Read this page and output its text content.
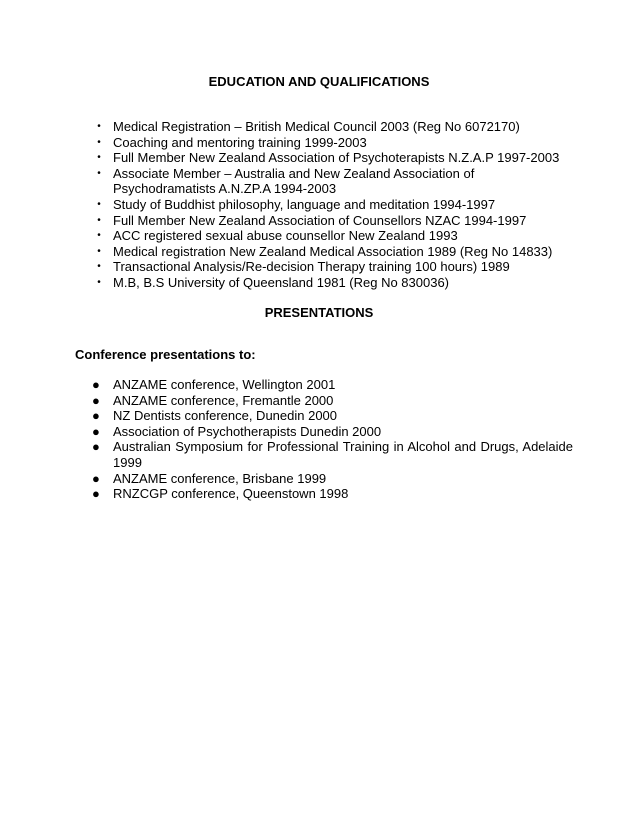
EDUCATION AND QUALIFICATIONS
• Medical Registration – British Medical Council 2003 (Reg No 6072170)
• Coaching and mentoring training 1999-2003
• Full Member New Zealand Association of Psychoterapists N.Z.A.P 1997-2003
• Associate Member – Australia and New Zealand Association of Psychodramatists A.N.ZP.A 1994-2003
• Study of Buddhist philosophy, language and meditation 1994-1997
• Full Member New Zealand Association of Counsellors NZAC 1994-1997
• ACC registered sexual abuse counsellor New Zealand 1993
• Medical registration New Zealand Medical Association 1989 (Reg No 14833)
• Transactional Analysis/Re-decision Therapy training 100 hours) 1989
• M.B, B.S University of Queensland 1981 (Reg No 830036)
PRESENTATIONS

Conference presentations to:

●	ANZAME conference, Wellington 2001
●	ANZAME conference, Fremantle 2000
●	NZ Dentists conference, Dunedin 2000
●	Association of Psychotherapists Dunedin 2000
●	Australian Symposium for Professional Training in Alcohol and Drugs, Adelaide 1999
●	ANZAME conference, Brisbane 1999
●	RNZCGP conference, Queenstown 1998
